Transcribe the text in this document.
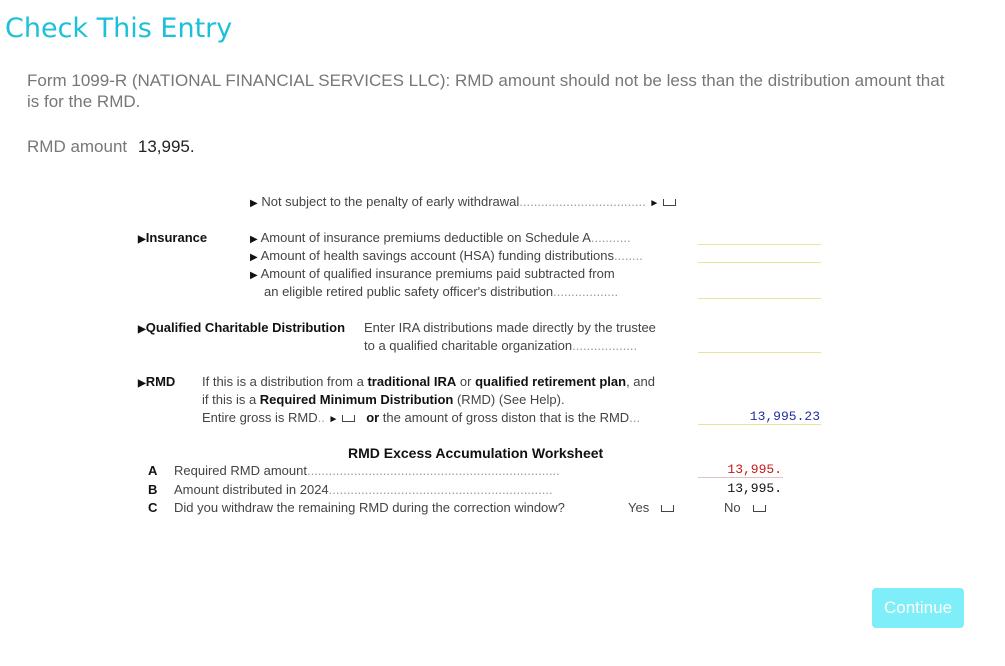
Check This Entry
Form 1099-R (NATIONAL FINANCIAL SERVICES LLC): RMD amount should not be less than the distribution amount that is for the RMD.
RMD amount 13,995.
▶ Not subject to the penalty of early withdrawal................................... ►
▶Insurance	▶ Amount of insurance premiums deductible on Schedule A...........
▶ Amount of health savings account (HSA) funding distributions........
▶ Amount of qualified insurance premiums paid subtracted from
an eligible retired public safety officer's distribution..................
▶Qualified Charitable Distribution Enter IRA distributions made directly by the trustee
to a qualified charitable organization..................
▶RMD If this is a distribution from a traditional IRA or qualified retirement plan, and
if this is a Required Minimum Distribution (RMD) (See Help).
Entire gross is RMD.. ► or the amount of gross diston that is the RMD...	13,995.23
RMD Excess Accumulation Worksheet
A Required RMD amount......................................................................	13,995.
B Amount distributed in 2024..............................................................	13,995.
C Did you withdraw the remaining RMD during the correction window?	Yes	No
Continue
